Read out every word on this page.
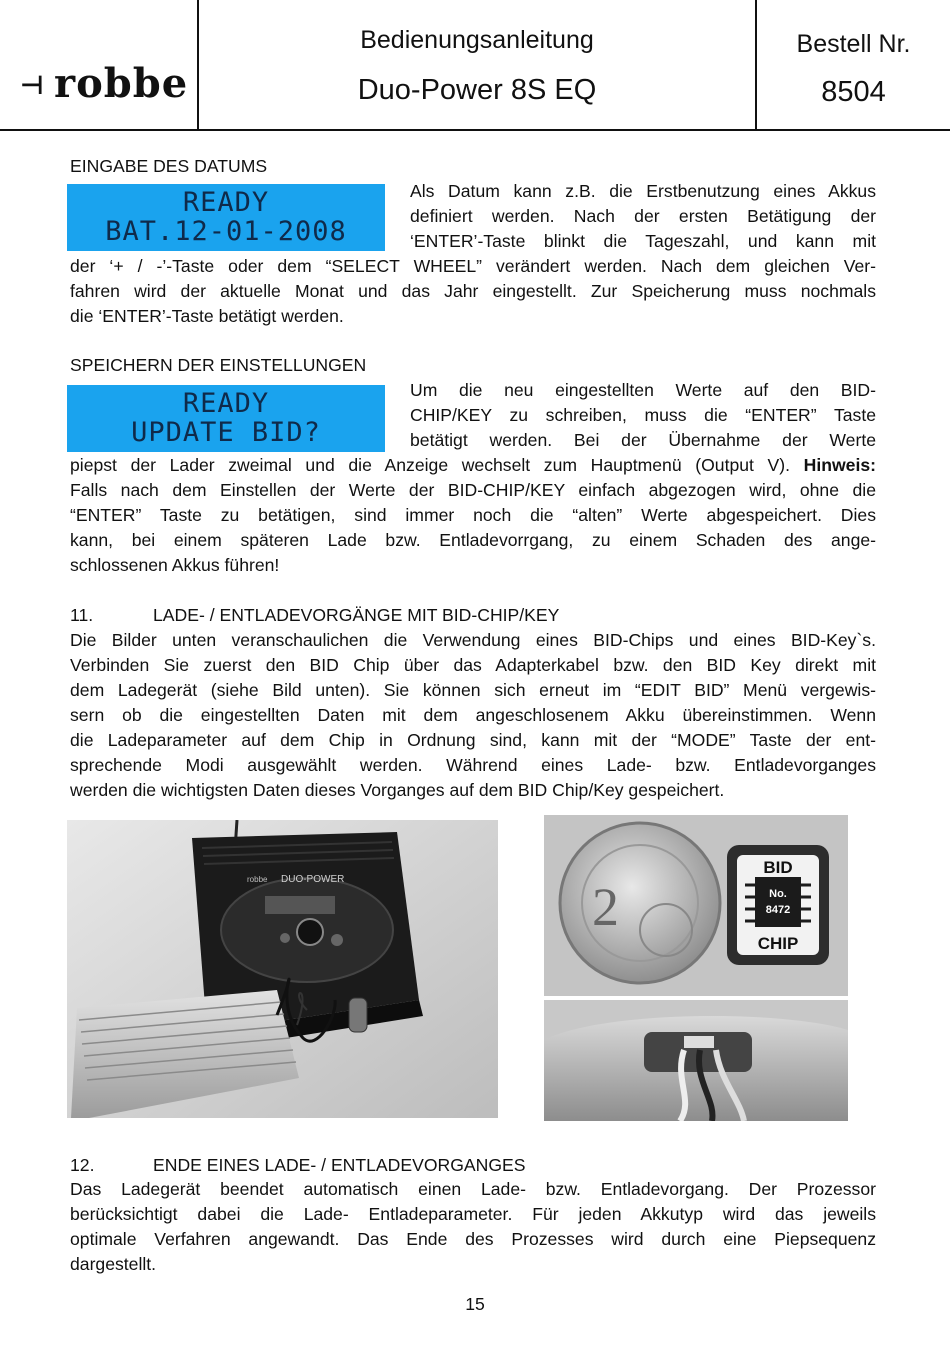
⊣ robbe
Bedienungsanleitung
Duo-Power 8S EQ
Bestell Nr.
8504
EINGABE DES DATUMS
READY
BAT.12-01-2008
Als Datum kann z.B. die Erstbenutzung eines Akkus
definiert werden. Nach der ersten Betätigung der
‘ENTER’-Taste blinkt die Tageszahl, und kann mit
der ‘+ / -’-Taste oder dem “SELECT WHEEL” verändert werden. Nach dem gleichen Ver-
fahren wird der aktuelle Monat und das Jahr eingestellt. Zur Speicherung muss nochmals
die ‘ENTER’-Taste betätigt werden.
SPEICHERN DER EINSTELLUNGEN
READY
UPDATE BID?
Um die neu eingestellten Werte auf den BID-
CHIP/KEY zu schreiben, muss die “ENTER” Taste
betätigt werden. Bei der Übernahme der Werte
piepst der Lader zweimal und die Anzeige wechselt zum Hauptmenü (Output V). Hinweis:
Falls nach dem Einstellen der Werte der BID-CHIP/KEY einfach abgezogen wird, ohne die
“ENTER” Taste zu betätigen, sind immer noch die “alten” Werte abgespeichert. Dies
kann, bei einem späteren Lade bzw. Entladevorrgang, zu einem Schaden des ange-
schlossenen Akkus führen!
11.	LADE- / ENTLADEVORGÄNGE MIT BID-CHIP/KEY
Die Bilder unten veranschaulichen die Verwendung eines BID-Chips und eines BID-Key`s.
Verbinden Sie zuerst den BID Chip über das Adapterkabel bzw. den BID Key direkt mit
dem Ladegerät (siehe Bild unten). Sie können sich erneut im “EDIT BID” Menü vergewis-
sern ob die eingestellten Daten mit dem angeschlosenem Akku übereinstimmen. Wenn
die Ladeparameter auf dem Chip in Ordnung sind, kann mit der “MODE” Taste der ent-
sprechende Modi ausgewählt werden. Während eines Lade- bzw. Entladevorganges
werden die wichtigsten Daten dieses Vorganges auf dem BID Chip/Key gespeichert.
DUO-POWER
robbe	2
BID
No.
8472
CHIP
12.	ENDE EINES LADE- / ENTLADEVORGANGES
Das Ladegerät beendet automatisch einen Lade- bzw. Entladevorgang. Der Prozessor
berücksichtigt dabei die Lade- Entladeparameter. Für jeden Akkutyp wird das jeweils
optimale Verfahren angewandt. Das Ende des Prozesses wird durch eine Piepsequenz
dargestellt.
15
